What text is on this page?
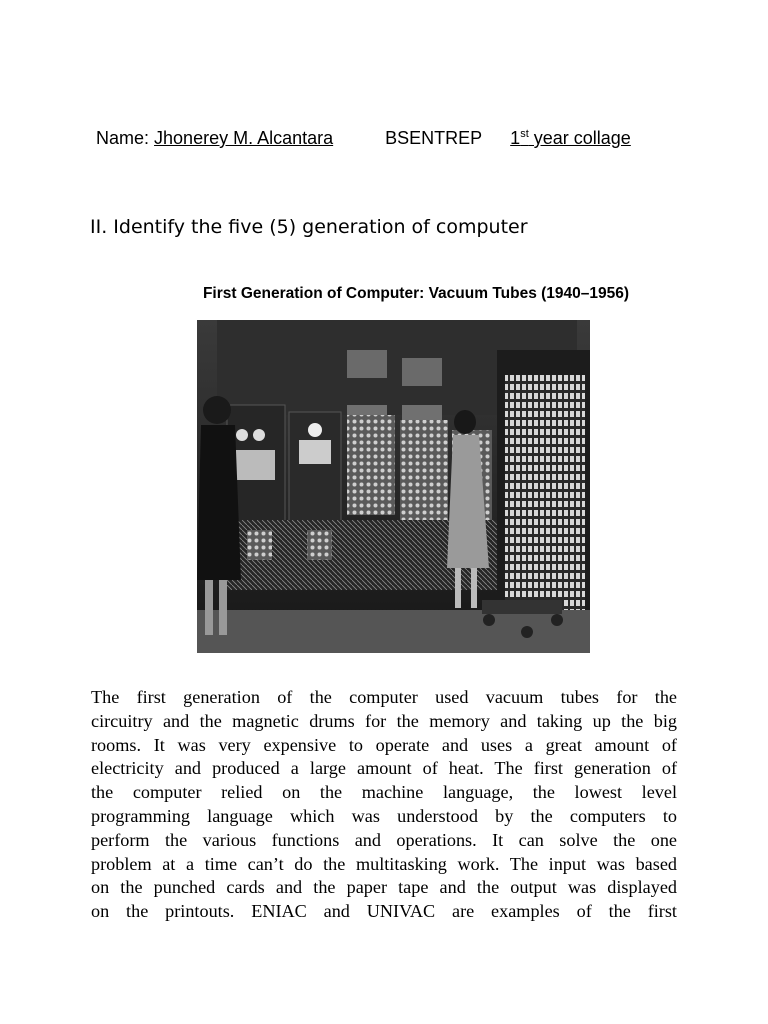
Name: Jhonerey M. Alcantara	BSENTREP 1st year collage
II. Identify the five (5) generation of computer
First Generation of Computer: Vacuum Tubes (1940–1956)
The first generation of the computer used vacuum tubes for the
circuitry and the magnetic drums for the memory and taking up the big
rooms. It was very expensive to operate and uses a great amount of
electricity and produced a large amount of heat. The first generation of
the computer relied on the machine language, the lowest level
programming language which was understood by the computers to
perform the various functions and operations. It can solve the one
problem at a time can’t do the multitasking work. The input was based
on the punched cards and the paper tape and the output was displayed
on the printouts. ENIAC and UNIVAC are examples of the first
